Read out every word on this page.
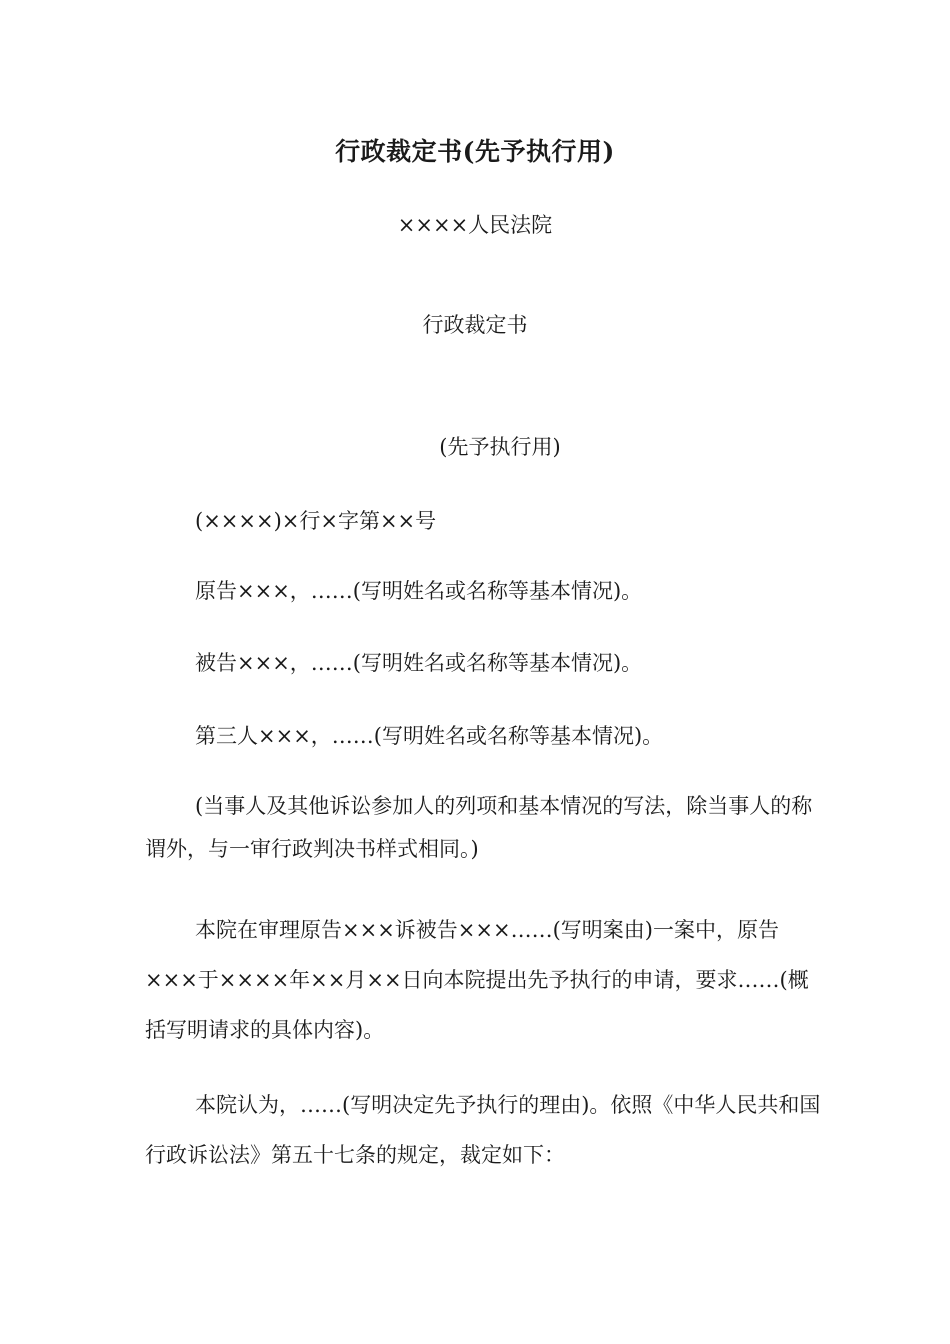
行政裁定书(先予执行用)
××××人民法院
行政裁定书
(先予执行用)
(××××)×行×字第××号
原告×××，……(写明姓名或名称等基本情况)。
被告×××，……(写明姓名或名称等基本情况)。
第三人×××，……(写明姓名或名称等基本情况)。
(当事人及其他诉讼参加人的列项和基本情况的写法，除当事人的称谓外，与一审行政判决书样式相同。)
本院在审理原告×××诉被告×××……(写明案由)一案中，原告×××于××××年××月××日向本院提出先予执行的申请，要求……(概括写明请求的具体内容)。
本院认为，……(写明决定先予执行的理由)。依照《中华人民共和国行政诉讼法》第五十七条的规定，裁定如下：
